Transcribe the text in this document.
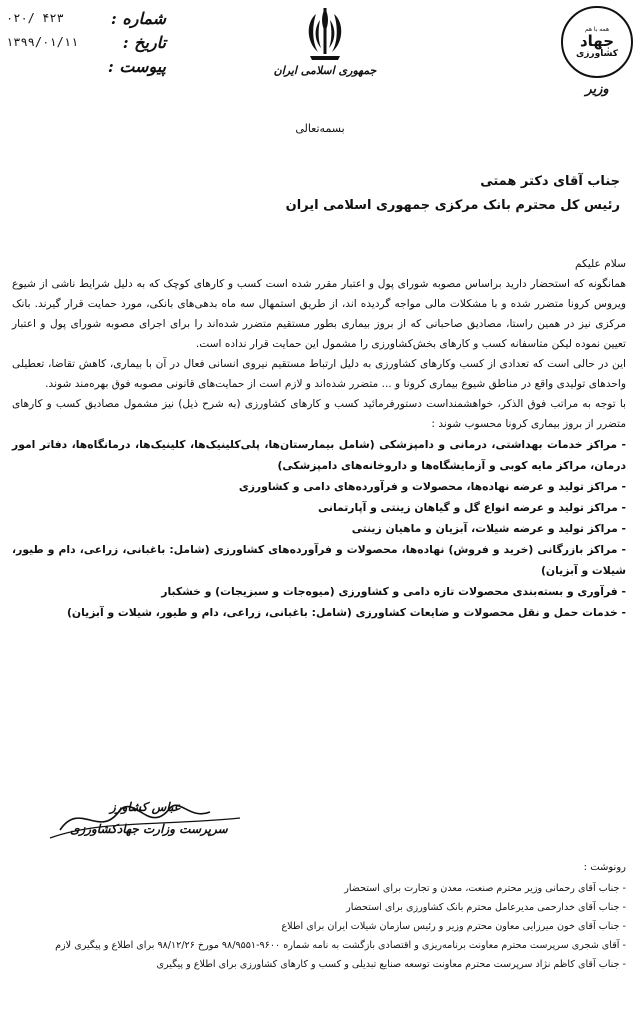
شماره :
۰۲۰/ ۴۲۳
تاریخ :
۱۳۹۹/۰۱/۱۱
پیوست :	جمهوری اسلامی ایران
همه با هم
جهاد
کشاورزی
وزیر
بسمه‌تعالی
جناب آقای دکتر همتی
رئیس کل محترم بانک مرکزی جمهوری اسلامی ایران

سلام علیکم

همانگونه که استحضار دارید براساس مصوبه شورای پول و اعتبار مقرر شده است کسب و کارهای کوچک که به دلیل شرایط ناشی از شیوع ویروس کرونا متضرر شده و با مشکلات مالی مواجه گردیده اند، از طریق استمهال سه ماه بدهی‌های بانکی، مورد حمایت قرار گیرند. بانک مرکزی نیز در همین راستا، مصادیق صاحبانی که از بروز بیماری بطور مستقیم متضرر شده‌اند را برای اجرای مصوبه شورای پول و اعتبار تعیین نموده لیکن متاسفانه کسب و کارهای بخش‌کشاورزی را مشمول این حمایت قرار نداده است.

این در حالی است که تعدادی از کسب وکارهای کشاورزی به دلیل ارتباط مستقیم نیروی انسانی فعال در آن با بیماری، کاهش تقاضا، تعطیلی واحدهای تولیدی واقع در مناطق شیوع بیماری کرونا و ... متضرر شده‌اند و لازم است از حمایت‌های قانونی مصوبه فوق بهره‌مند شوند.

با توجه به مراتب فوق الذکر، خواهشمنداست دستورفرمائید کسب و کارهای کشاورزی (به شرح ذیل) نیز مشمول مصادیق کسب و کارهای متضرر از بروز بیماری کرونا محسوب شوند :

- مراکز خدمات بهداشتی، درمانی و دامپزشکی (شامل بیمارستان‌ها، پلی‌کلینیک‌ها، کلینیک‌ها، درمانگاه‌ها، دفاتر امور درمان، مراکز مایه کوبی و آزمایشگاه‌ها و داروخانه‌های دامپزشکی)
- مراکز تولید و عرضه نهاده‌ها، محصولات و فرآورده‌های دامی و کشاورزی
- مراکز تولید و عرضه انواع گل و گیاهان زینتی و آپارتمانی
- مراکز تولید و عرضه شیلات، آبزیان و ماهیان زینتی
- مراکز بازرگانی (خرید و فروش) نهاده‌ها، محصولات و فرآورده‌های کشاورزی (شامل: باغبانی، زراعی، دام و طیور، شیلات و آبزیان)
- فرآوری و بسته‌بندی محصولات تازه دامی و کشاورزی (میوه‌جات و سبزیجات) و خشکبار
- خدمات حمل و نقل محصولات و ضایعات کشاورزی (شامل: باغبانی، زراعی، دام و طیور، شیلات و آبزیان)
عباس کشاورز
سرپرست وزارت جهادکشاورزی
رونوشت :
- جناب آقای رحمانی وزیر محترم صنعت، معدن و تجارت برای استحضار
- جناب آقای خدارحمی مدیرعامل محترم بانک کشاورزی برای استحضار
- جناب آقای خون میرزایی معاون محترم وزیر و رئیس سازمان شیلات ایران برای اطلاع
- آقای شجری سرپرست محترم معاونت برنامه‌ریزی و اقتصادی بازگشت به نامه شماره ۹۶۰۰-۹۸/۹۵۵۱ مورخ ۹۸/۱۲/۲۶ برای اطلاع و پیگیری لازم
- جناب آقای کاظم نژاد سرپرست محترم معاونت توسعه صنایع تبدیلی و کسب و کارهای کشاورزی برای اطلاع و پیگیری
